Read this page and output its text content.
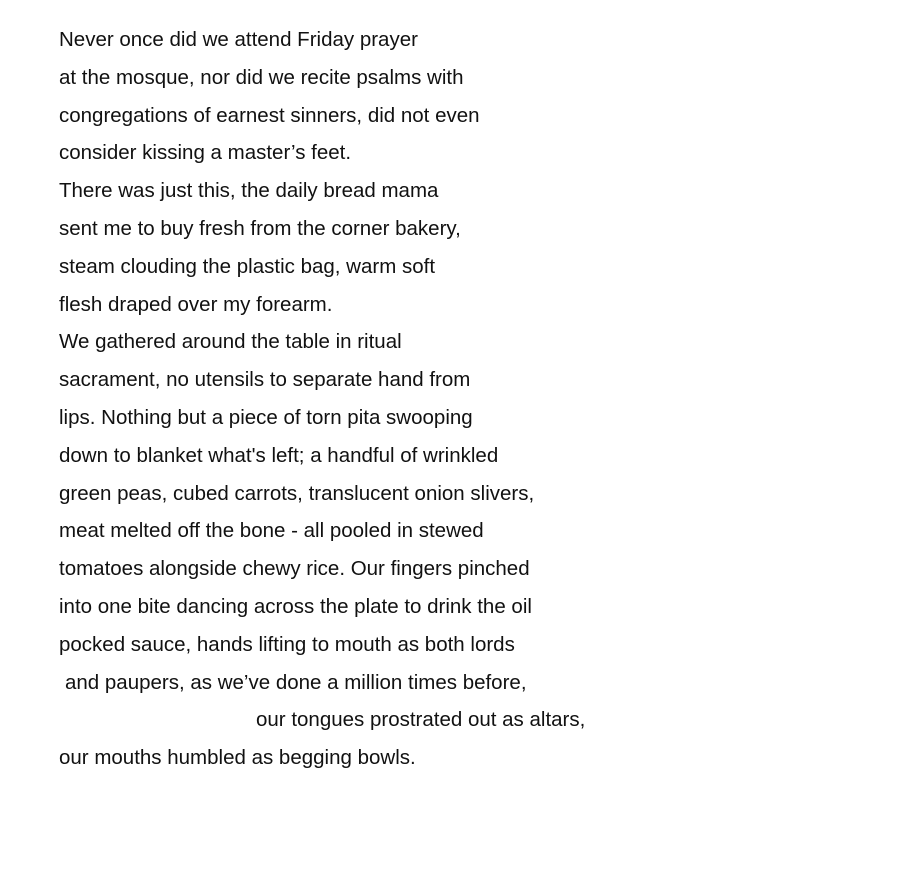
Never once did we attend Friday prayer
at the mosque, nor did we recite psalms with
congregations of earnest sinners, did not even
consider kissing a master’s feet.
There was just this, the daily bread mama
sent me to buy fresh from the corner bakery,
steam clouding the plastic bag, warm soft
flesh draped over my forearm.
We gathered around the table in ritual
sacrament, no utensils to separate hand from
lips. Nothing but a piece of torn pita swooping
down to blanket what's left; a handful of wrinkled
green peas, cubed carrots, translucent onion slivers,
meat melted off the bone - all pooled in stewed
tomatoes alongside chewy rice. Our fingers pinched
into one bite dancing across the plate to drink the oil
pocked sauce, hands lifting to mouth as both lords
and paupers, as we’ve done a million times before,
our tongues prostrated out as altars,
our mouths humbled as begging bowls.
